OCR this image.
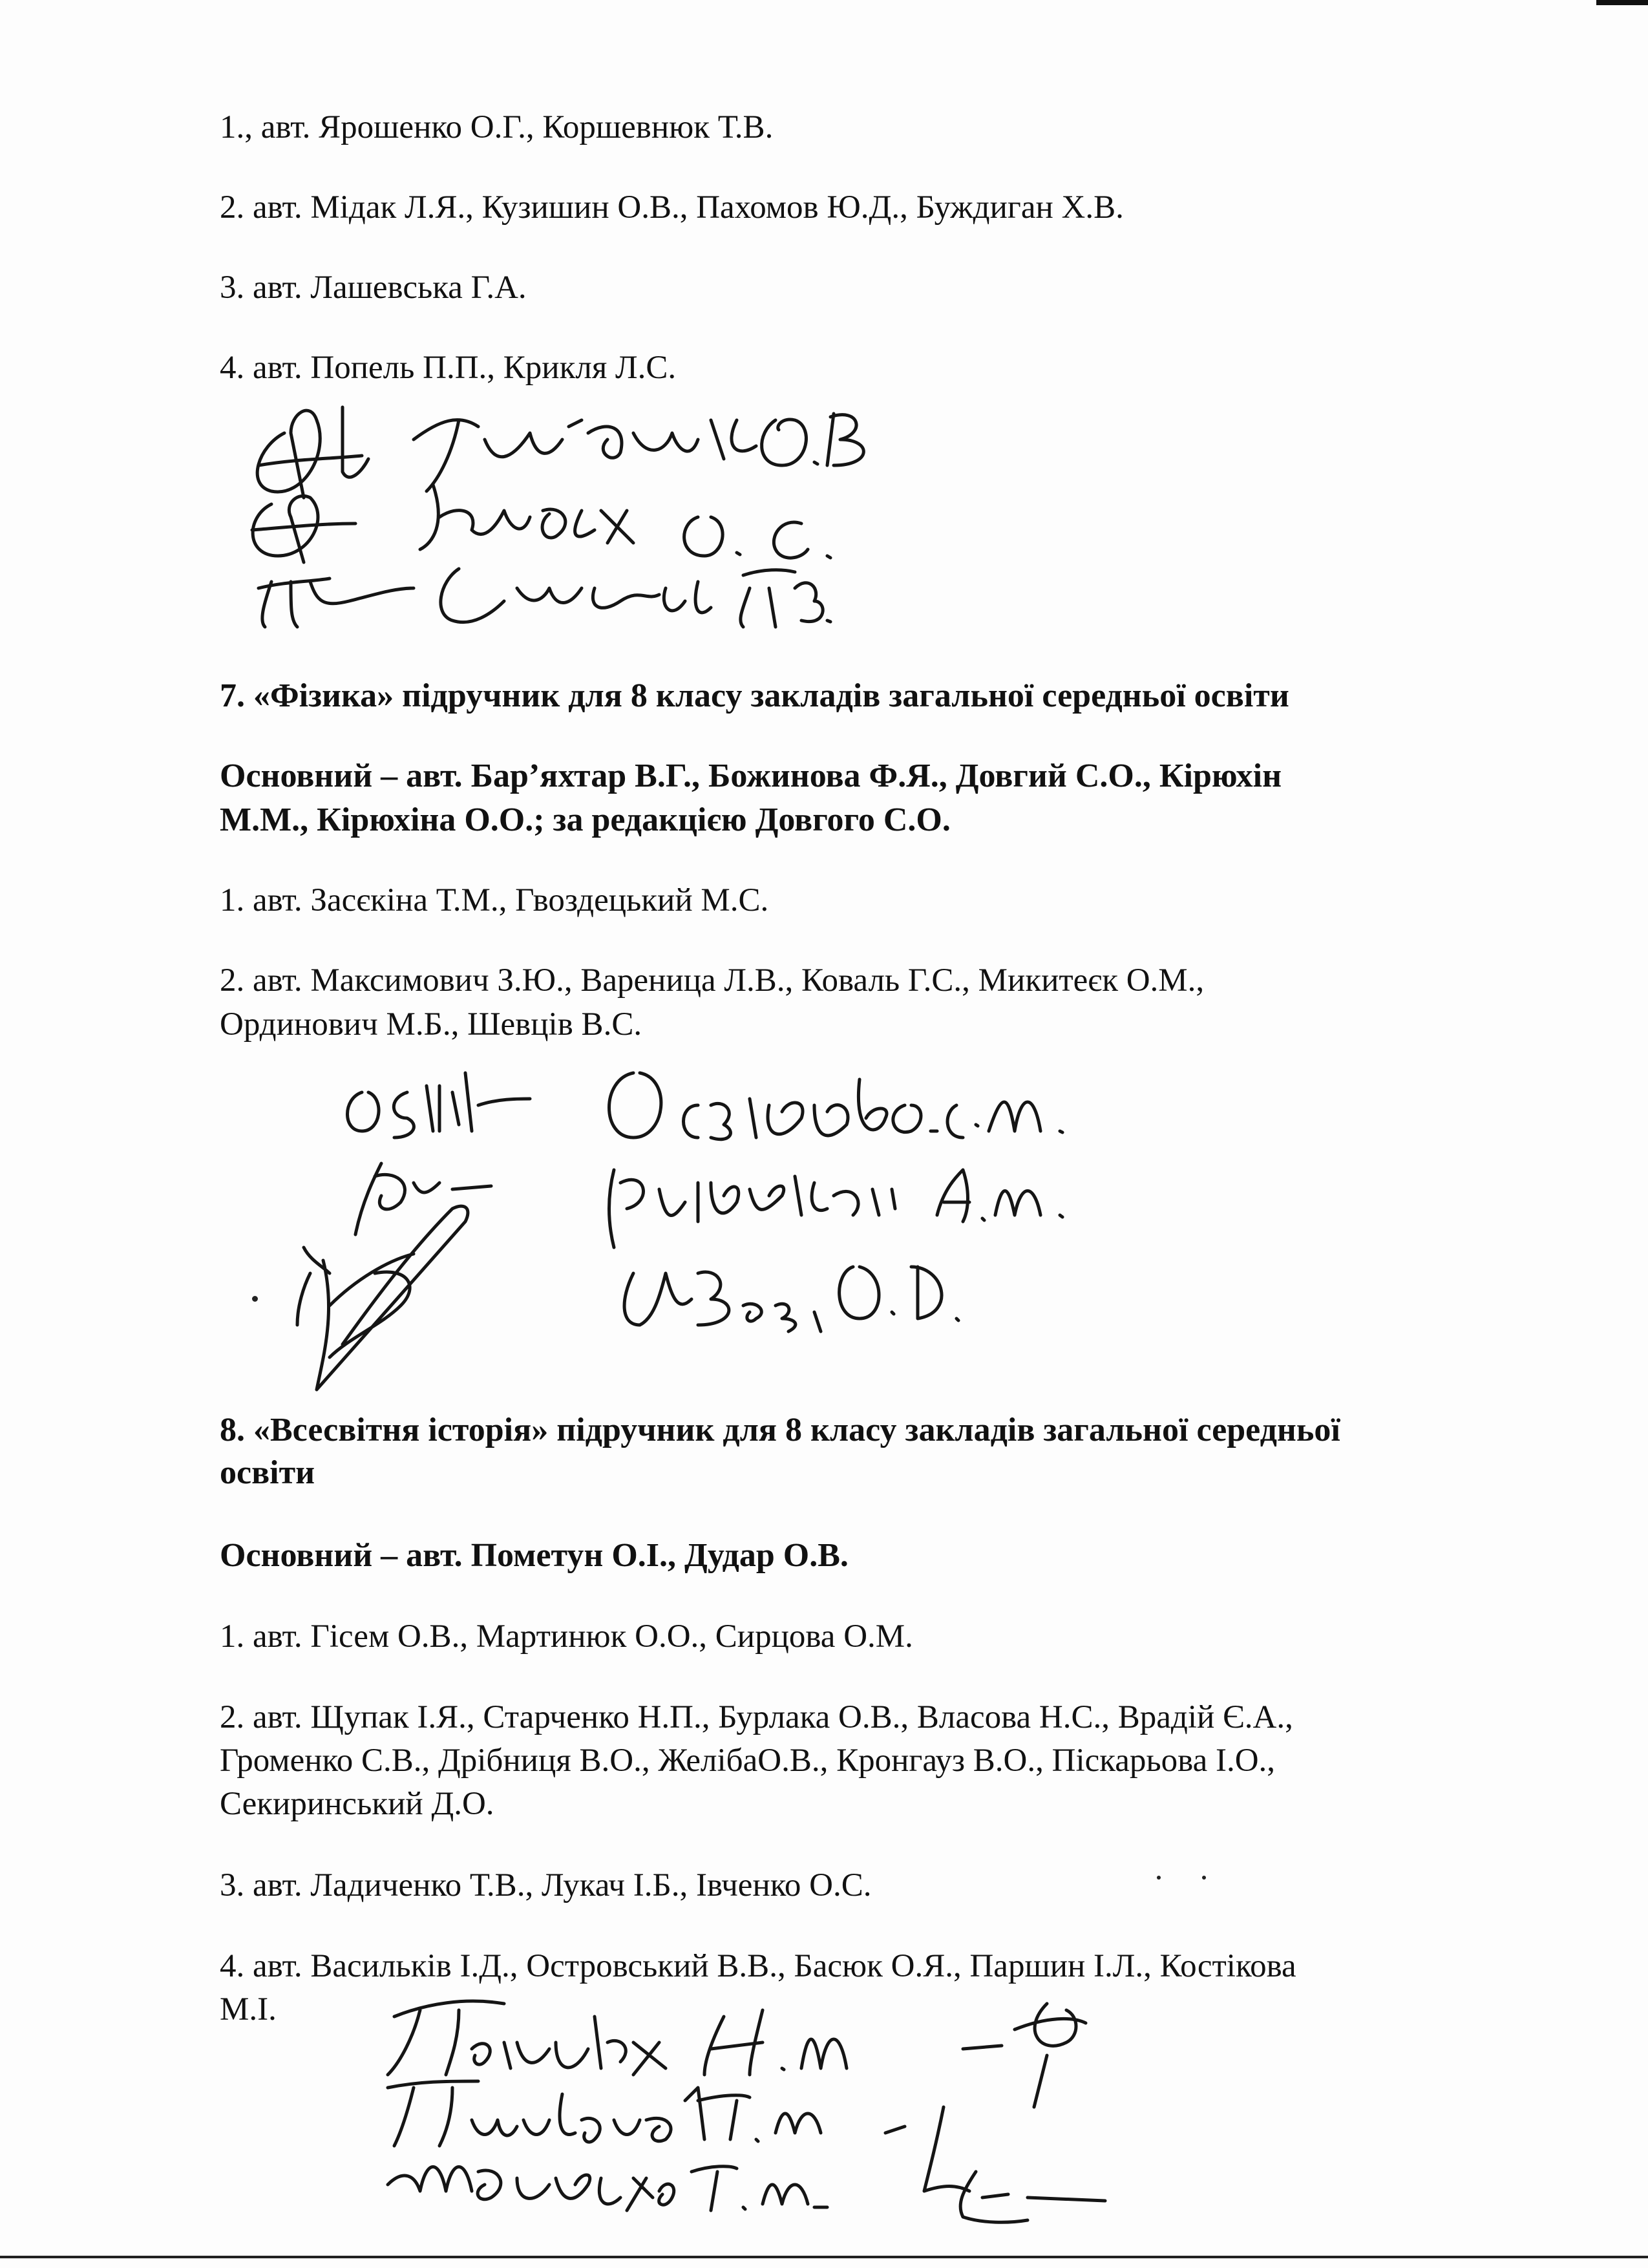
1., авт. Ярошенко О.Г., Коршевнюк Т.В.

2. авт. Мідак Л.Я., Кузишин О.В., Пахомов Ю.Д., Буждиган Х.В.

3. авт. Лашевська Г.А.

4. авт. Попель П.П., Крикля Л.С.

7. «Фізика» підручник для 8 класу закладів загальної середньої освіти

Основний – авт. Бар’яхтар В.Г., Божинова Ф.Я., Довгий С.О., Кірюхін

М.М., Кірюхіна О.О.; за редакцією Довгого С.О.

1. авт. Засєкіна Т.М., Гвоздецький М.С.

2. авт. Максимович З.Ю., Вареница Л.В., Коваль Г.С., Микитеєк О.М.,

Ординович М.Б., Шевців В.С.

8. «Всесвітня історія» підручник для 8 класу закладів загальної середньої

освіти

Основний – авт. Пометун О.І., Дудар О.В.

1. авт. Гісем О.В., Мартинюк О.О., Сирцова О.М.

2. авт. Щупак І.Я., Старченко Н.П., Бурлака О.В., Власова Н.С., Врадій Є.А.,

Громенко С.В., Дрібниця В.О., ЖелібаО.В., Кронгауз В.О., Піскарьова І.О.,

Секиринський Д.О.

3. авт. Ладиченко Т.В., Лукач І.Б., Івченко О.С.

4. авт. Васильків І.Д., Островський В.В., Басюк О.Я., Паршин І.Л., Костікова

М.І.
